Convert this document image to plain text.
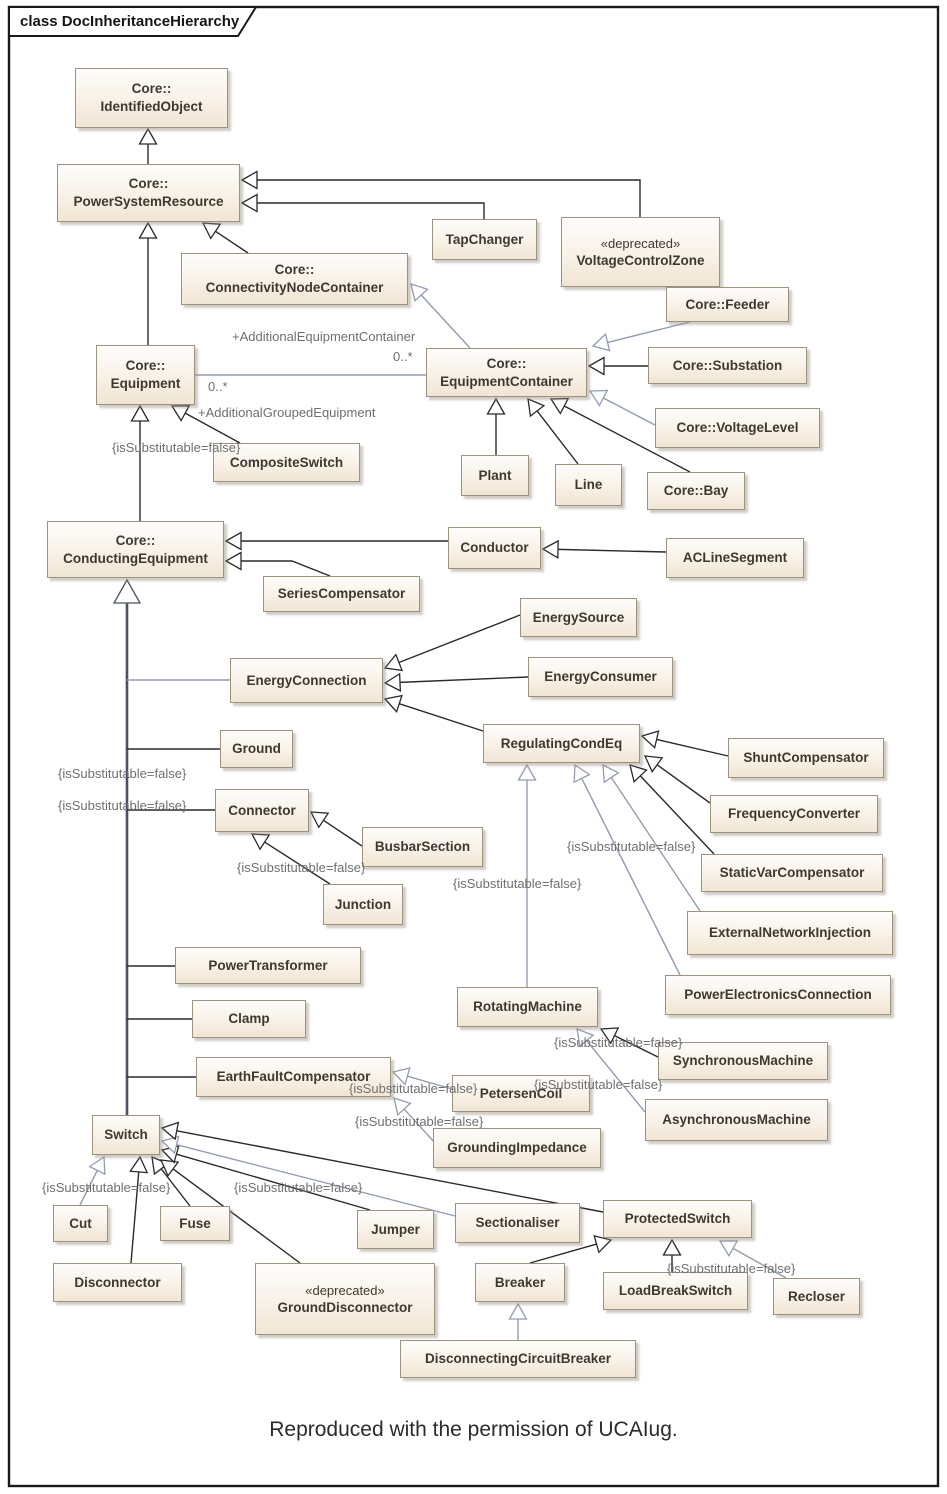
class DocInheritanceHierarchy
Reproduced with the permission of UCAIug.
Core::
IdentifiedObject
Core::
PowerSystemResource
TapChanger	«deprecated»
VoltageControlZone
Core::
ConnectivityNodeContainer
Core::Feeder
Core::
Equipment
Core::
EquipmentContainer
Core::Substation
Core::VoltageLevel
CompositeSwitch
Plant
Line	Core::Bay
Core::
ConductingEquipment
Conductor
ACLineSegment
SeriesCompensator
EnergySource
EnergyConnection	EnergyConsumer
Ground	RegulatingCondEq
ShuntCompensator
FrequencyConverter
Connector
BusbarSection
StaticVarCompensator
Junction
ExternalNetworkInjection
PowerTransformer
PowerElectronicsConnection
Clamp
RotatingMachine
EarthFaultCompensator
PetersenCoil
SynchronousMachine
GroundingImpedance
AsynchronousMachine
Switch
Cut	Fuse	Jumper	Sectionaliser	ProtectedSwitch
Disconnector
«deprecated»
GroundDisconnector
Breaker
LoadBreakSwitch	Recloser
DisconnectingCircuitBreaker
+AdditionalEquipmentContainer
0..*
0..*
+AdditionalGroupedEquipment
{isSubstitutable=false}
{isSubstitutable=false}
{isSubstitutable=false}
{isSubstitutable=false}
{isSubstitutable=false}
{isSubstitutable=false}
{isSubstitutable=false}
{isSubstitutable=false}
{isSubstitutable=false}
{isSubstitutable=false}
{isSubstitutable=false}	{isSubstitutable=false}
{isSubstitutable=false}
